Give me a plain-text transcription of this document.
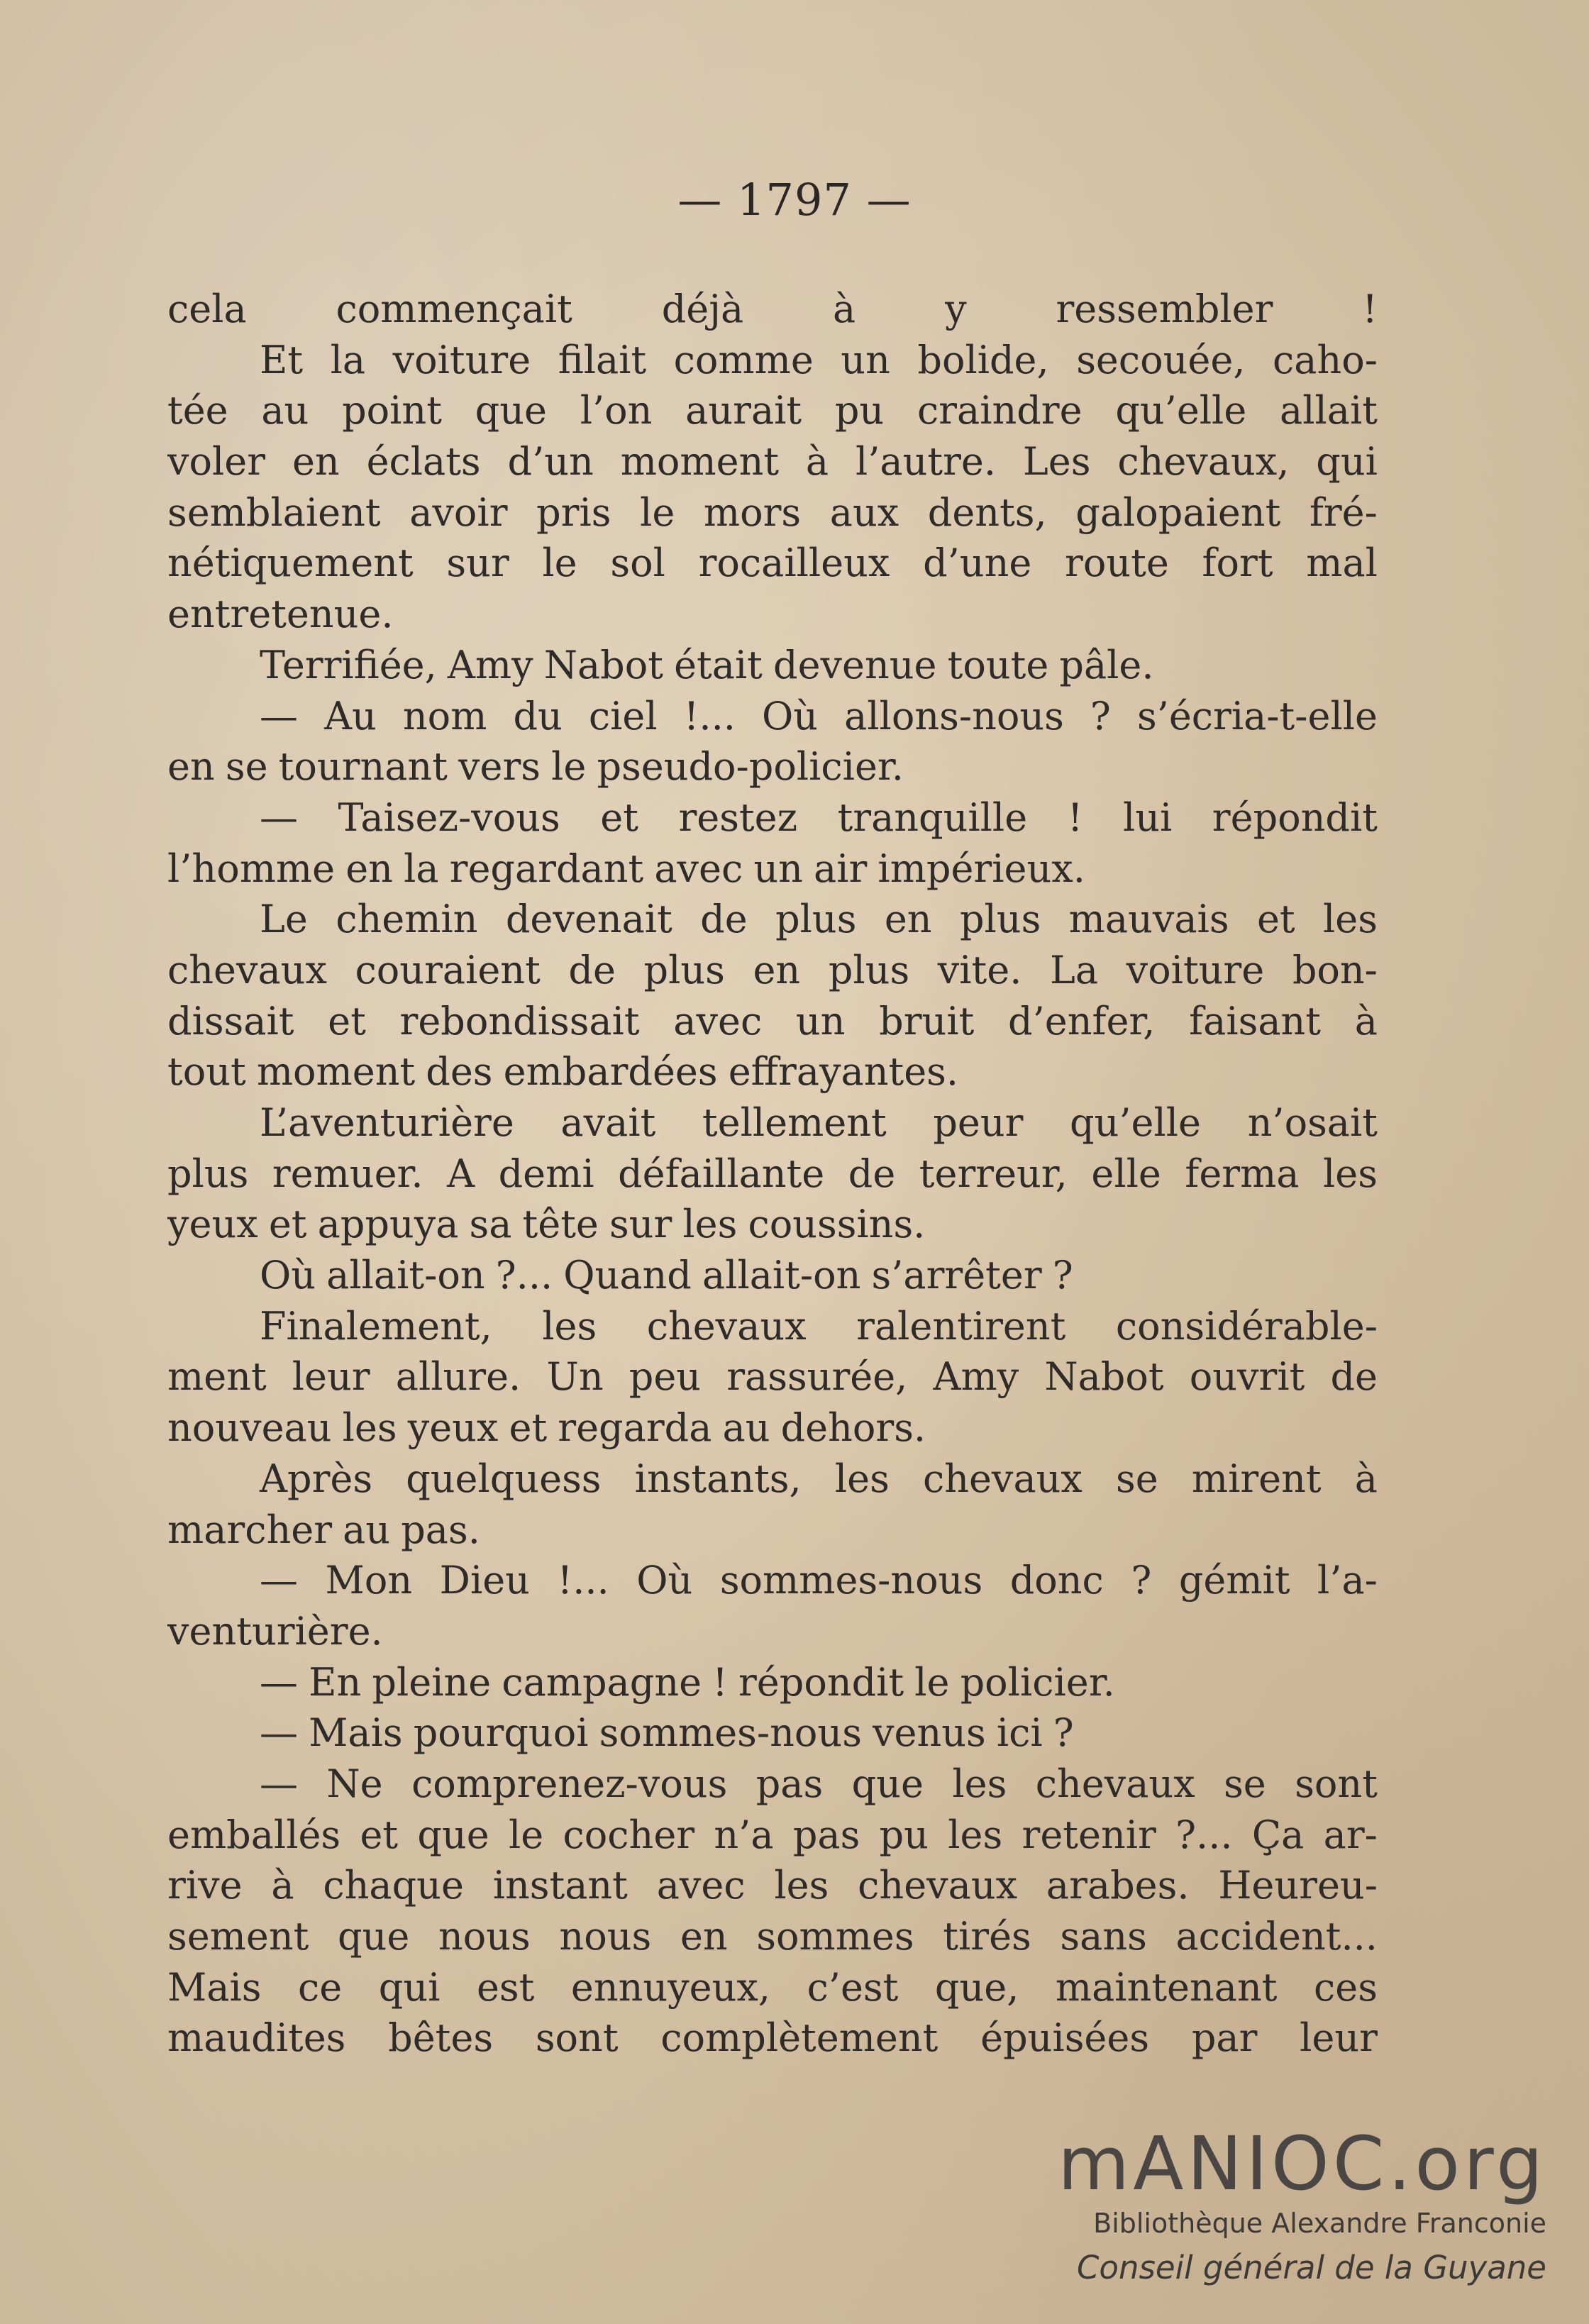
— 1797 —
cela commençait déjà à y ressembler !
Et la voiture filait comme un bolide, secouée, caho-
tée au point que l’on aurait pu craindre qu’elle allait
voler en éclats d’un moment à l’autre. Les chevaux, qui
semblaient avoir pris le mors aux dents, galopaient fré-
nétiquement sur le sol rocailleux d’une route fort mal
entretenue.
Terrifiée, Amy Nabot était devenue toute pâle.
— Au nom du ciel !... Où allons-nous ? s’écria-t-elle
en se tournant vers le pseudo-policier.
— Taisez-vous et restez tranquille ! lui répondit
l’homme en la regardant avec un air impérieux.
Le chemin devenait de plus en plus mauvais et les
chevaux couraient de plus en plus vite. La voiture bon-
dissait et rebondissait avec un bruit d’enfer, faisant à
tout moment des embardées effrayantes.
L’aventurière avait tellement peur qu’elle n’osait
plus remuer. A demi défaillante de terreur, elle ferma les
yeux et appuya sa tête sur les coussins.
Où allait-on ?... Quand allait-on s’arrêter ?
Finalement, les chevaux ralentirent considérable-
ment leur allure. Un peu rassurée, Amy Nabot ouvrit de
nouveau les yeux et regarda au dehors.
Après quelquess instants, les chevaux se mirent à
marcher au pas.
— Mon Dieu !... Où sommes-nous donc ? gémit l’a-
venturière.
— En pleine campagne ! répondit le policier.
— Mais pourquoi sommes-nous venus ici ?
— Ne comprenez-vous pas que les chevaux se sont
emballés et que le cocher n’a pas pu les retenir ?... Ça ar-
rive à chaque instant avec les chevaux arabes. Heureu-
sement que nous nous en sommes tirés sans accident...
Mais ce qui est ennuyeux, c’est que, maintenant ces
maudites bêtes sont complètement épuisées par leur
mANIOC.org
Bibliothèque Alexandre Franconie
Conseil général de la Guyane
